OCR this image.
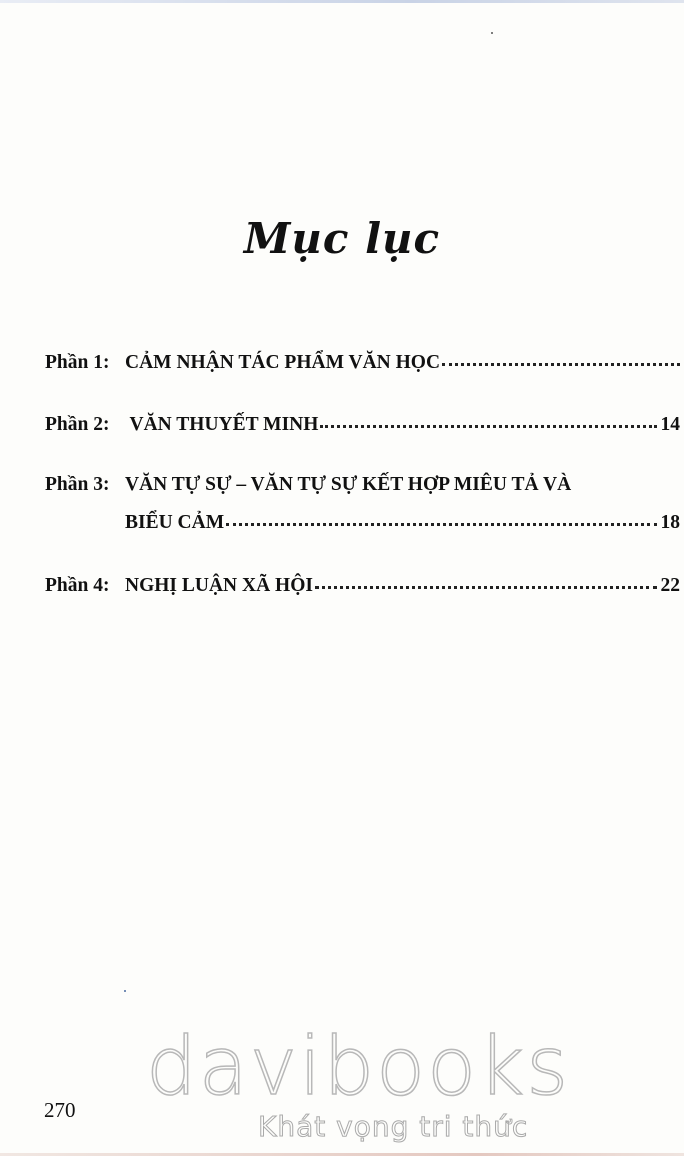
Mục lục
Phần 1: CẢM NHẬN TÁC PHẨM VĂN HỌC
Phần 2: VĂN THUYẾT MINH	14
Phần 3: VĂN TỰ SỰ – VĂN TỰ SỰ KẾT HỢP MIÊU TẢ VÀ
BIỂU CẢM	18
Phần 4: NGHỊ LUẬN XÃ HỘI	22
davibooks
Khát vọng tri thức
270
